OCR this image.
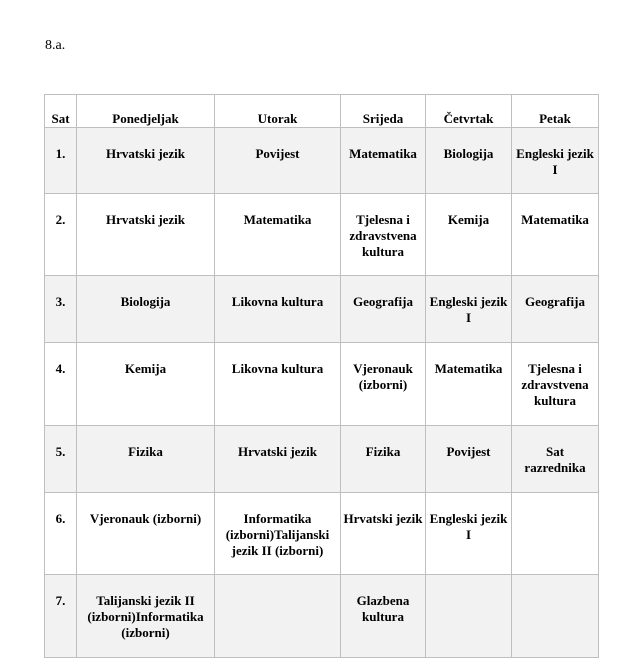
8.a.
Sat	Ponedjeljak	Utorak	Srijeda	Četvrtak	Petak
1.	Hrvatski jezik	Povijest	Matematika	Biologija	Engleski jezik I
2.	Hrvatski jezik	Matematika	Tjelesna i zdravstvena kultura	Kemija	Matematika
3.	Biologija	Likovna kultura	Geografija	Engleski jezik I	Geografija
4.	Kemija	Likovna kultura	Vjeronauk (izborni)	Matematika	Tjelesna i zdravstvena kultura
5.	Fizika	Hrvatski jezik	Fizika	Povijest	Sat razrednika
6.	Vjeronauk (izborni)	Informatika (izborni)Talijanski jezik II (izborni)	Hrvatski jezik	Engleski jezik I	
7.	Talijanski jezik II (izborni)Informatika (izborni)		Glazbena kultura		
